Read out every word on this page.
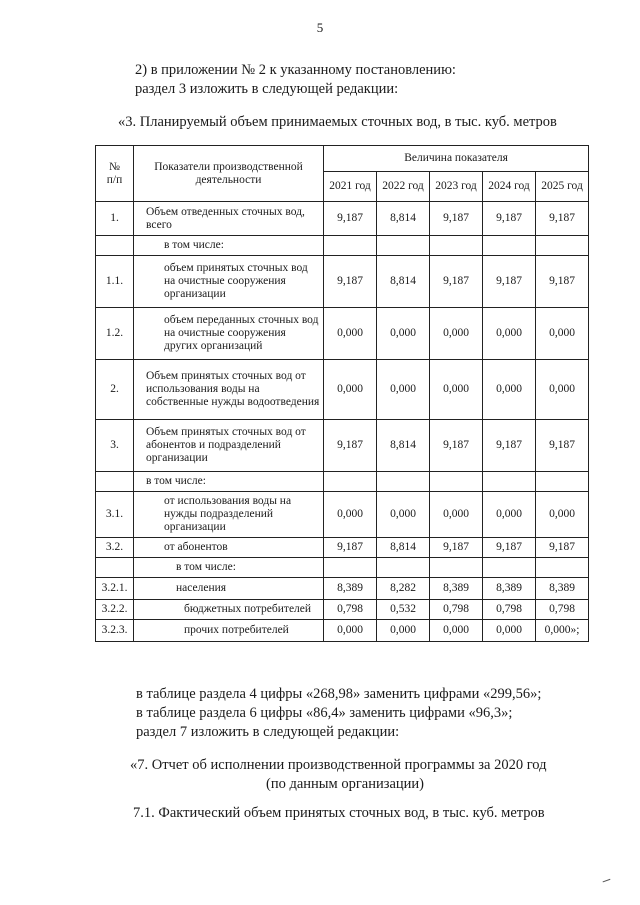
5
2) в приложении № 2 к указанному постановлению:
раздел 3 изложить в следующей редакции:
«3. Планируемый объем принимаемых сточных вод, в тыс. куб. метров
№
п/п	Показатели производственной деятельности	Величина показателя				
		2021 год	2022 год	2023 год	2024 год	2025 год
1.	Объем отведенных сточных вод, всего	9,187	8,814	9,187	9,187	9,187
	в том числе:					
1.1.	объем принятых сточных вод на очистные сооружения организации	9,187	8,814	9,187	9,187	9,187
1.2.	объем переданных сточных вод на очистные сооружения других организаций	0,000	0,000	0,000	0,000	0,000
2.	Объем принятых сточных вод от использования воды на собственные нужды водоотведения	0,000	0,000	0,000	0,000	0,000
3.	Объем принятых сточных вод от абонентов и подразделений организации	9,187	8,814	9,187	9,187	9,187
	в том числе:					
3.1.	от использования воды на нужды подразделений организации	0,000	0,000	0,000	0,000	0,000
3.2.	от абонентов	9,187	8,814	9,187	9,187	9,187
	в том числе:					
3.2.1.	населения	8,389	8,282	8,389	8,389	8,389
3.2.2.	бюджетных потребителей	0,798	0,532	0,798	0,798	0,798
3.2.3.	прочих потребителей	0,000	0,000	0,000	0,000	0,000»;
в таблице раздела 4 цифры «268,98» заменить цифрами «299,56»;
в таблице раздела 6 цифры «86,4» заменить цифрами «96,3»;
раздел 7 изложить в следующей редакции:
«7. Отчет об исполнении производственной программы за 2020 год
(по данным организации)
7.1. Фактический объем принятых сточных вод, в тыс. куб. метров
